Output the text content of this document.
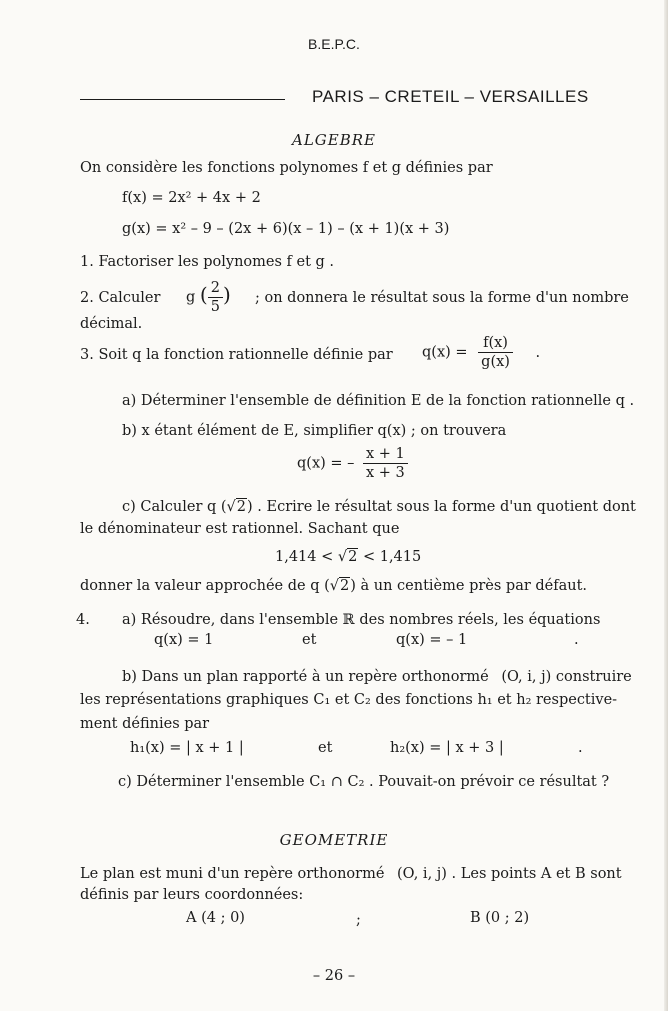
B.E.P.C.
PARIS – CRETEIL – VERSAILLES
ALGEBRE
On considère les fonctions polynomes f et g définies par
f(x) = 2x² + 4x + 2
g(x) = x² – 9 – (2x + 6)(x – 1) – (x + 1)(x + 3)
1. Factoriser les polynomes f et g .
2. Calculer g ( $\frac{2}{5}$ ) ; on donnera le résultat sous la forme d'un nombre
décimal.
3. Soit q la fonction rationnelle définie par $q(x) = \frac{f(x)}{g(x)}$ .
a) Déterminer l'ensemble de définition E de la fonction rationnelle q .
b) x étant élément de E, simplifier q(x) ; on trouvera
q(x) = – $\frac{x + 1}{x + 3}$
c) Calculer q (√2) . Ecrire le résultat sous la forme d'un quotient dont
le dénominateur est rationnel. Sachant que
1,414 < √2 < 1,415
donner la valeur approchée de q (√2) à un centième près par défaut.
4. a) Résoudre, dans l'ensemble ℝ des nombres réels, les équations
q(x) = 1	et	q(x) = – 1	.
b) Dans un plan rapporté à un repère orthonormé (O, i, j) construire
les représentations graphiques C₁ et C₂ des fonctions h₁ et h₂ respective-
ment définies par
h₁(x) = | x + 1 |	et	h₂(x) = | x + 3 |	.
c) Déterminer l'ensemble C₁ ∩ C₂ . Pouvait-on prévoir ce résultat ?
GEOMETRIE
Le plan est muni d'un repère orthonormé (O, i, j) . Les points A et B sont
définis par leurs coordonnées:
A (4 ; 0)	;	B (0 ; 2)
– 26 –
